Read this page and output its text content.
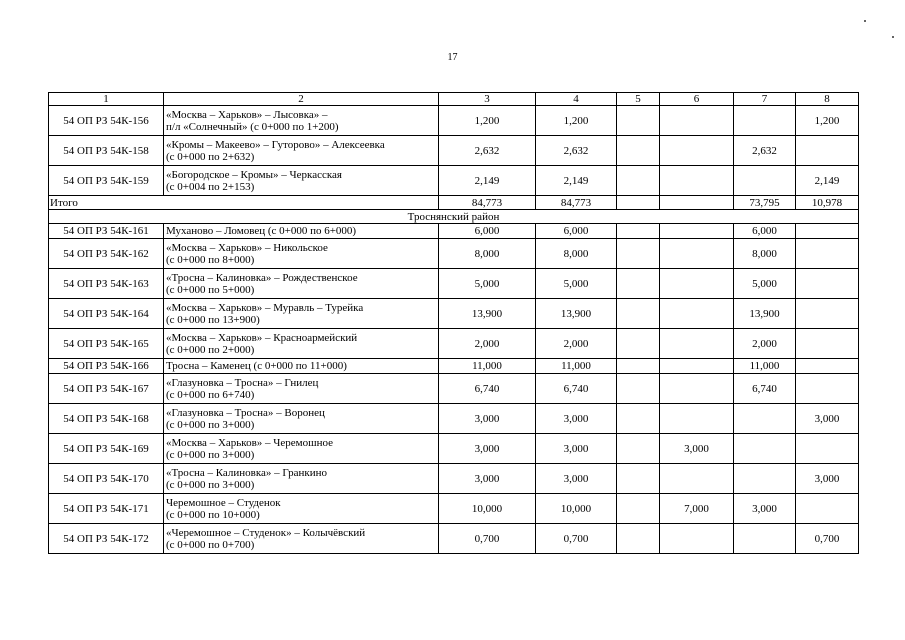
17
1	2	3	4	5	6	7	8
54 ОП РЗ 54К-156	«Москва – Харьков» – Лысовка» –
п/л «Солнечный» (с 0+000 по 1+200)	1,200	1,200				1,200
54 ОП РЗ 54К-158	«Кромы – Макеево» – Гуторово» – Алексеевка
(с 0+000 по 2+632)	2,632	2,632			2,632	
54 ОП РЗ 54К-159	«Богородское – Кромы» – Черкасская
(с 0+004 по 2+153)	2,149	2,149				2,149
Итого		84,773	84,773			73,795	10,978
Троснянский район							
54 ОП РЗ 54К-161	Муханово – Ломовец (с 0+000 по 6+000)	6,000	6,000			6,000	
54 ОП РЗ 54К-162	«Москва – Харьков» – Никольское
(с 0+000 по 8+000)	8,000	8,000			8,000	
54 ОП РЗ 54К-163	«Тросна – Калиновка» – Рождественское
(с 0+000 по 5+000)	5,000	5,000			5,000	
54 ОП РЗ 54К-164	«Москва – Харьков» – Муравль – Турейка
(с 0+000 по 13+900)	13,900	13,900			13,900	
54 ОП РЗ 54К-165	«Москва – Харьков» – Красноармейский
(с 0+000 по 2+000)	2,000	2,000			2,000	
54 ОП РЗ 54К-166	Тросна – Каменец (с 0+000 по 11+000)	11,000	11,000			11,000	
54 ОП РЗ 54К-167	«Глазуновка – Тросна» – Гнилец
(с 0+000 по 6+740)	6,740	6,740			6,740	
54 ОП РЗ 54К-168	«Глазуновка – Тросна» – Воронец
(с 0+000 по 3+000)	3,000	3,000				3,000
54 ОП РЗ 54К-169	«Москва – Харьков» – Черемошное
(с 0+000 по 3+000)	3,000	3,000		3,000		
54 ОП РЗ 54К-170	«Тросна – Калиновка» – Гранкино
(с 0+000 по 3+000)	3,000	3,000				3,000
54 ОП РЗ 54К-171	Черемошное – Студенок
(с 0+000 по 10+000)	10,000	10,000		7,000	3,000	
54 ОП РЗ 54К-172	«Черемошное – Студенок» – Колычёвский
(с 0+000 по 0+700)	0,700	0,700				0,700
